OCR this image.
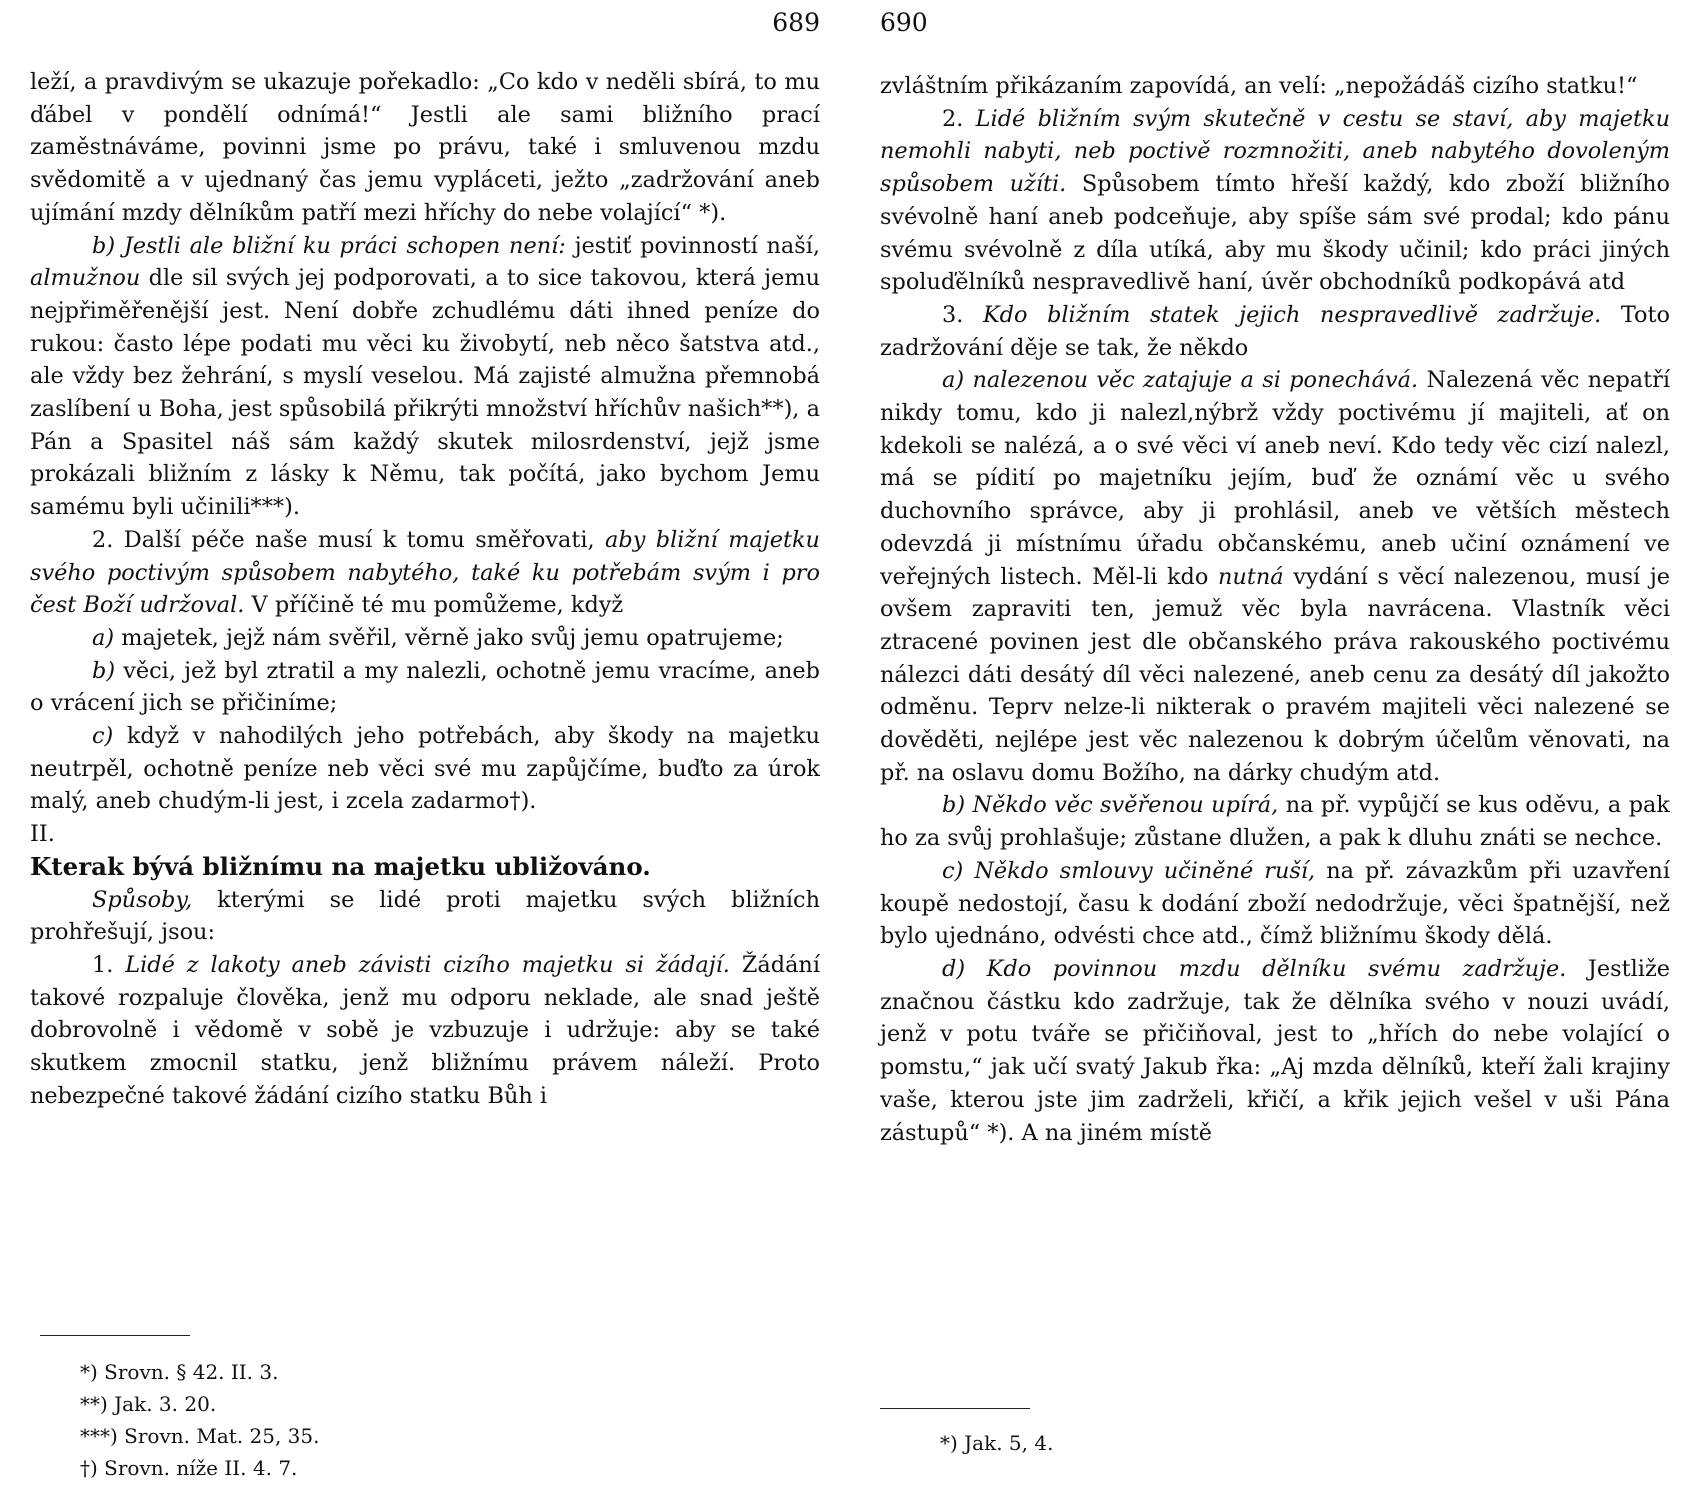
689

leží, a pravdivým se ukazuje pořekadlo: „Co kdo v neděli sbírá, to mu ďábel v pondělí odnímá!“ Jestli ale sami bližního prací zaměstnáváme, povinni jsme po právu, také i smluvenou mzdu svědomitě a v ujednaný čas jemu vypláceti, ježto „zadržování aneb ujímání mzdy dělníkům patří mezi hříchy do nebe volající“ *).

b) Jestli ale bližní ku práci schopen není: jestiť povinností naší, almužnou dle sil svých jej podporovati, a to sice takovou, která jemu nejpřiměřenější jest. Není dobře zchudlému dáti ihned peníze do rukou: často lépe podati mu věci ku živobytí, neb něco šatstva atd., ale vždy bez žehrání, s myslí veselou. Má zajisté almužna přemnobá zaslíbení u Boha, jest spůsobilá přikrýti množství hříchův našich**), a Pán a Spasitel náš sám každý skutek milosrdenství, jejž jsme prokázali bližním z lásky k Němu, tak počítá, jako bychom Jemu samému byli učinili***).

2. Další péče naše musí k tomu směřovati, aby bližní majetku svého poctivým spůsobem nabytého, také ku potřebám svým i pro čest Boží udržoval. V příčině té mu pomůžeme, když

a) majetek, jejž nám svěřil, věrně jako svůj jemu opatrujeme;

b) věci, jež byl ztratil a my nalezli, ochotně jemu vracíme, aneb o vrácení jich se přičiníme;

c) když v nahodilých jeho potřebách, aby škody na majetku neutrpěl, ochotně peníze neb věci své mu zapůjčíme, buďto za úrok malý, aneb chudým-li jest, i zcela zadarmo†).

II.

Kterak bývá bližnímu na majetku ubližováno.

Spůsoby, kterými se lidé proti majetku svých bližních prohřešují, jsou:

1. Lidé z lakoty aneb závisti cizího majetku si žádají. Žádání takové rozpaluje člověka, jenž mu odporu neklade, ale snad ještě dobrovolně i vědomě v sobě je vzbuzuje i udržuje: aby se také skutkem zmocnil statku, jenž bližnímu právem náleží. Proto nebezpečné takové žádání cizího statku Bůh i

*) Srovn. § 42. II. 3.

**) Jak. 3. 20.

***) Srovn. Mat. 25, 35.

†) Srovn. níže II. 4. 7.

690

zvláštním přikázaním zapovídá, an velí: „nepožádáš cizího statku!“

2. Lidé bližním svým skutečně v cestu se staví, aby majetku nemohli nabyti, neb poctivě rozmnožiti, aneb nabytého dovoleným spůsobem užíti. Spůsobem tímto hřeší každý, kdo zboží bližního svévolně haní aneb podceňuje, aby spíše sám své prodal; kdo pánu svému svévolně z díla utíká, aby mu škody učinil; kdo práci jiných spoluďělníků nespravedlivě haní, úvěr obchodníků podkopává atd

3. Kdo bližním statek jejich nespravedlivě zadržuje. Toto zadržování děje se tak, že někdo

a) nalezenou věc zatajuje a si ponechává. Nalezená věc nepatří nikdy tomu, kdo ji nalezl,nýbrž vždy poctivému jí majiteli, ať on kdekoli se nalézá, a o své věci ví aneb neví. Kdo tedy věc cizí nalezl, má se pídití po majetníku jejím, buď že oznámí věc u svého duchovního správce, aby ji prohlásil, aneb ve větších městech odevzdá ji místnímu úřadu občanskému, aneb učiní oznámení ve veřejných listech. Měl-li kdo nutná vydání s věcí nalezenou, musí je ovšem zapraviti ten, jemuž věc byla navrácena. Vlastník věci ztracené povinen jest dle občanského práva rakouského poctivému nálezci dáti desátý díl věci nalezené, aneb cenu za desátý díl jakožto odměnu. Teprv nelze-li nikterak o pravém majiteli věci nalezené se dověděti, nejlépe jest věc nalezenou k dobrým účelům věnovati, na př. na oslavu domu Božího, na dárky chudým atd.

b) Někdo věc svěřenou upírá, na př. vypůjčí se kus oděvu, a pak ho za svůj prohlašuje; zůstane dlužen, a pak k dluhu znáti se nechce.

c) Někdo smlouvy učiněné ruší, na př. závazkům při uzavření koupě nedostojí, času k dodání zboží nedodržuje, věci špatnější, než bylo ujednáno, odvésti chce atd., čímž bližnímu škody dělá.

d) Kdo povinnou mzdu dělníku svému zadržuje. Jestliže značnou částku kdo zadržuje, tak že dělníka svého v nouzi uvádí, jenž v potu tváře se přičiňoval, jest to „hřích do nebe volající o pomstu,“ jak učí svatý Jakub řka: „Aj mzda dělníků, kteří žali krajiny vaše, kterou jste jim zadrželi, křičí, a křik jejich vešel v uši Pána zástupů“ *). A na jiném místě

*) Jak. 5, 4.
